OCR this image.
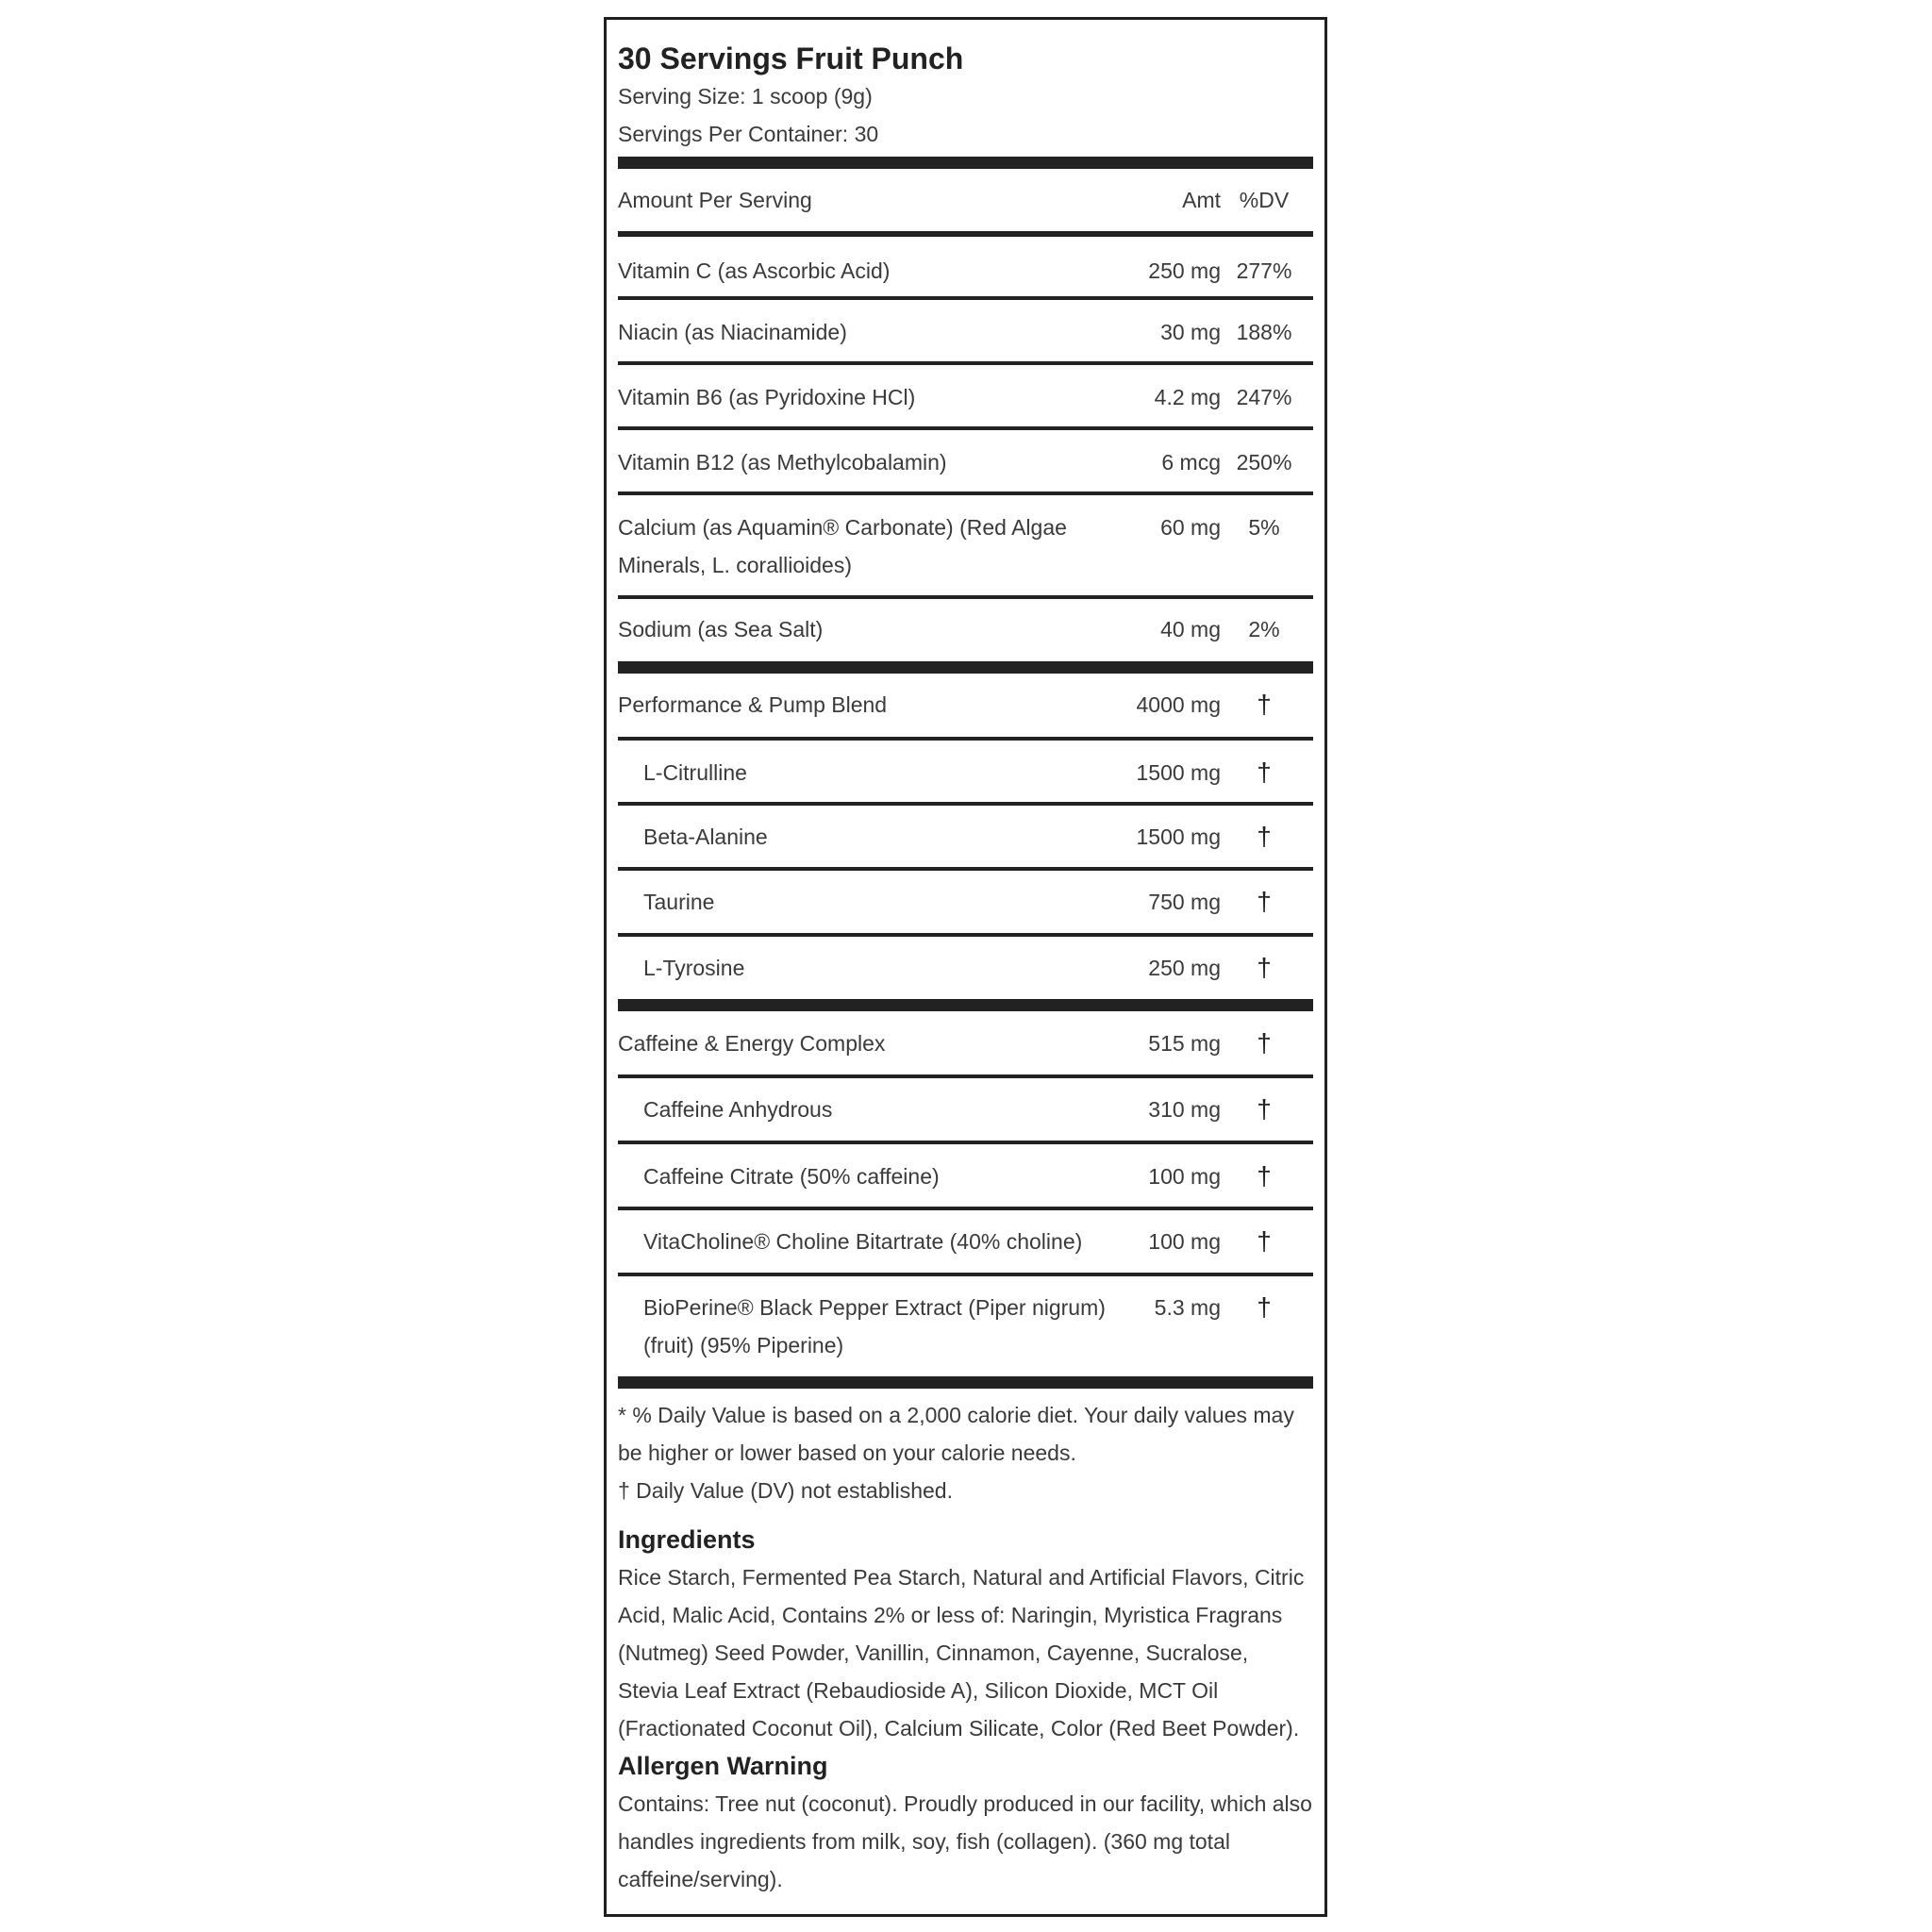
30 Servings Fruit Punch
Serving Size: 1 scoop (9g)
Servings Per Container: 30
Amount Per Serving	Amt %DV
Vitamin C (as Ascorbic Acid)	250 mg 277%
Niacin (as Niacinamide)	30 mg 188%
Vitamin B6 (as Pyridoxine HCl)	4.2 mg 247%
Vitamin B12 (as Methylcobalamin)	6 mcg 250%
Calcium (as Aquamin® Carbonate) (Red Algae Minerals, L. corallioides)
60 mg	5%
Sodium (as Sea Salt)	40 mg	2%
Performance & Pump Blend	4000 mg	†
L-Citrulline	1500 mg	†
Beta-Alanine	1500 mg	†
Taurine	750 mg	†
L-Tyrosine	250 mg	†
Caffeine & Energy Complex	515 mg	†
Caffeine Anhydrous	310 mg	†
Caffeine Citrate (50% caffeine)	100 mg	†
VitaCholine® Choline Bitartrate (40% choline)	100 mg	†
BioPerine® Black Pepper Extract (Piper nigrum) (fruit) (95% Piperine)
5.3 mg	†
* % Daily Value is based on a 2,000 calorie diet. Your daily values may be higher or lower based on your calorie needs.
† Daily Value (DV) not established.
Ingredients
Rice Starch, Fermented Pea Starch, Natural and Artificial Flavors, Citric Acid, Malic Acid, Contains 2% or less of: Naringin, Myristica Fragrans (Nutmeg) Seed Powder, Vanillin, Cinnamon, Cayenne, Sucralose, Stevia Leaf Extract (Rebaudioside A), Silicon Dioxide, MCT Oil (Fractionated Coconut Oil), Calcium Silicate, Color (Red Beet Powder).
Allergen Warning
Contains: Tree nut (coconut). Proudly produced in our facility, which also handles ingredients from milk, soy, fish (collagen). (360 mg total caffeine/serving).
